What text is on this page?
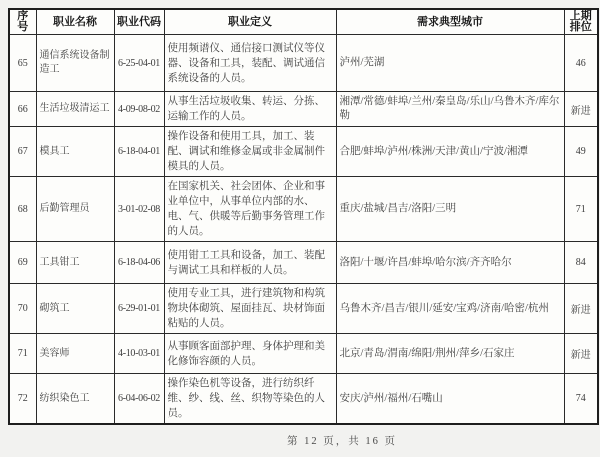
序号	职业名称	职业代码	职业定义	需求典型城市	上期排位
65	通信系统设备制造工	6-25-04-01	使用频谱仪、通信接口测试仪等仪器、设备和工具，装配、调试通信系统设备的人员。	泸州/芜湖	46
66	生活垃圾清运工	4-09-08-02	从事生活垃圾收集、转运、分拣、运输工作的人员。	湘潭/常德/蚌埠/兰州/秦皇岛/乐山/乌鲁木齐/库尔勒	新进
67	模具工	6-18-04-01	操作设备和使用工具，加工、装配、调试和维修金属或非金属制件模具的人员。	合肥/蚌埠/泸州/株洲/天津/黄山/宁波/湘潭	49
68	后勤管理员	3-01-02-08	在国家机关、社会团体、企业和事业单位中，从事单位内部的水、电、气、供暖等后勤事务管理工作的人员。	重庆/盐城/昌吉/洛阳/三明	71
69	工具钳工	6-18-04-06	使用钳工工具和设备，加工、装配与调试工具和样板的人员。	洛阳/十堰/许昌/蚌埠/哈尔滨/齐齐哈尔	84
70	砌筑工	6-29-01-01	使用专业工具，进行建筑物和构筑物块体砌筑、屋面挂瓦、块材饰面粘贴的人员。	乌鲁木齐/昌吉/银川/延安/宝鸡/济南/哈密/杭州	新进
71	美容师	4-10-03-01	从事顾客面部护理、身体护理和美化修饰容颜的人员。	北京/青岛/渭南/绵阳/荆州/萍乡/石家庄	新进
72	纺织染色工	6-04-06-02	操作染色机等设备，进行纺织纤维、纱、线、丝、织物等染色的人员。	安庆/泸州/福州/石嘴山	74
第 12 页，共 16 页
